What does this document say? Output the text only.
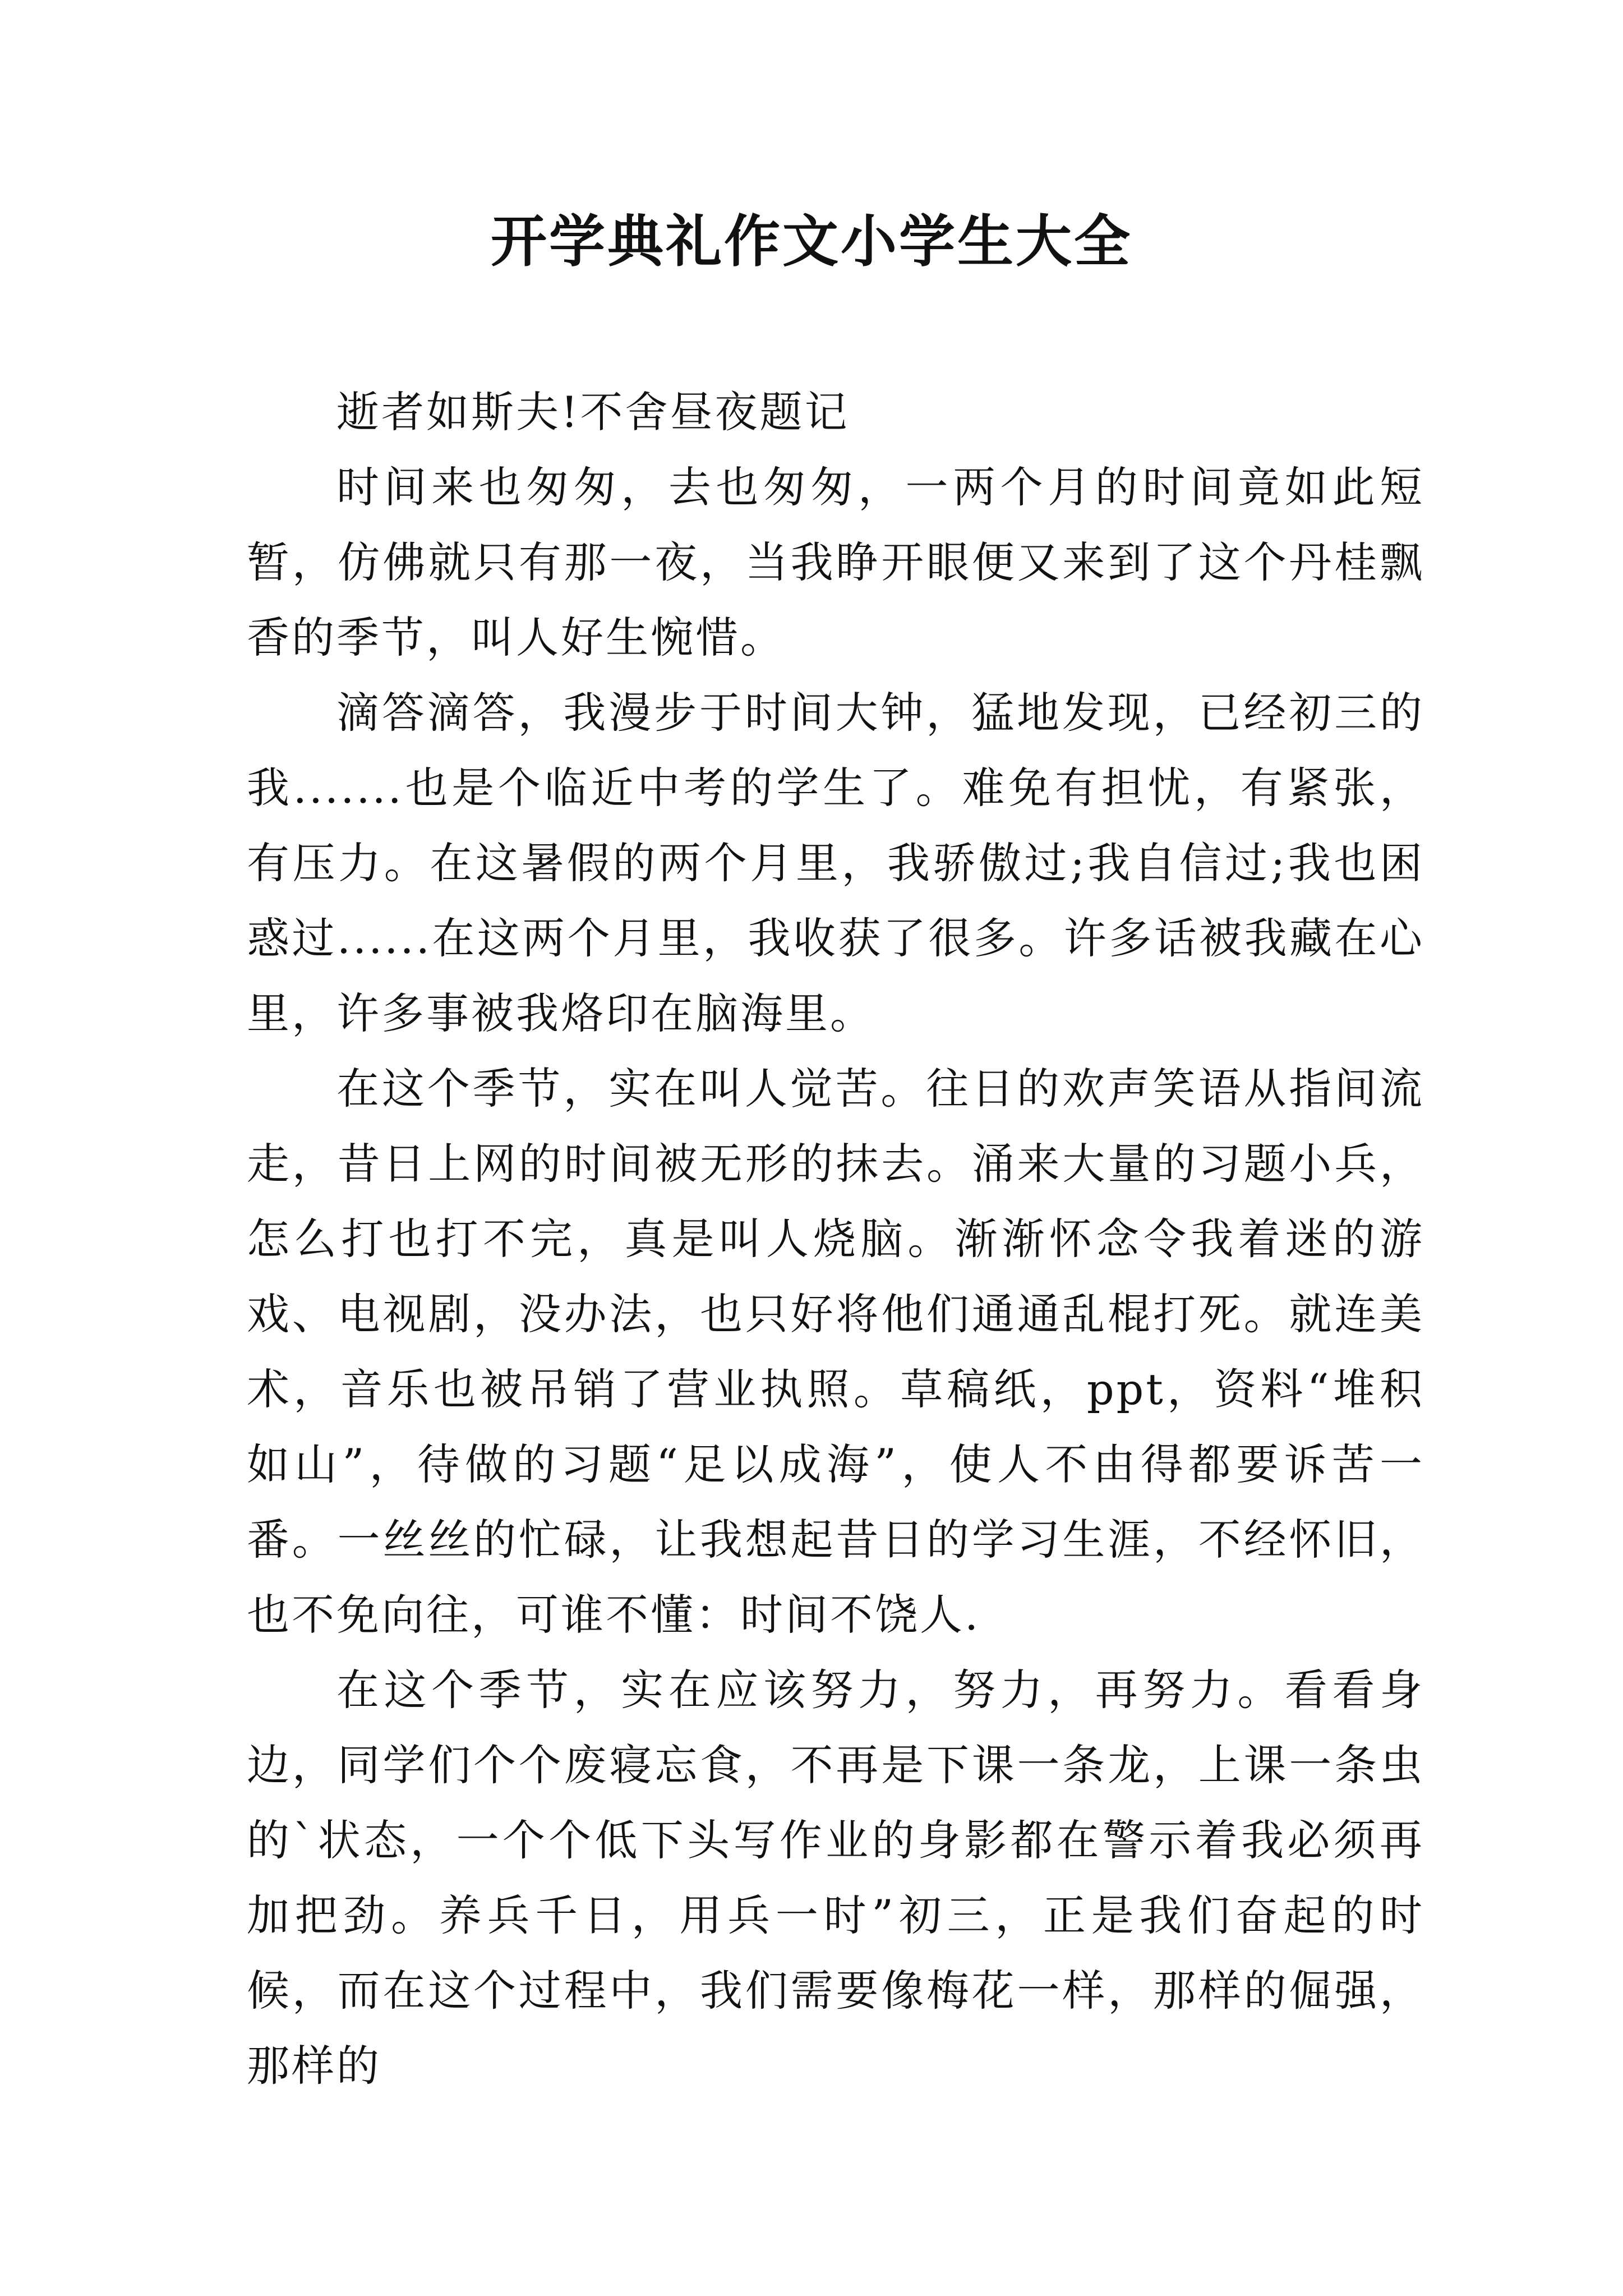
开学典礼作文小学生大全

逝者如斯夫!不舍昼夜题记

时间来也匆匆，去也匆匆，一两个月的时间竟如此短暂，仿佛就只有那一夜，当我睁开眼便又来到了这个丹桂飘香的季节，叫人好生惋惜。

滴答滴答，我漫步于时间大钟，猛地发现，已经初三的我.......也是个临近中考的学生了。难免有担忧，有紧张，有压力。在这暑假的两个月里，我骄傲过;我自信过;我也困惑过......在这两个月里，我收获了很多。许多话被我藏在心里，许多事被我烙印在脑海里。

在这个季节，实在叫人觉苦。往日的欢声笑语从指间流走，昔日上网的时间被无形的抹去。涌来大量的习题小兵，怎么打也打不完，真是叫人烧脑。渐渐怀念令我着迷的游戏、电视剧，没办法，也只好将他们通通乱棍打死。就连美术，音乐也被吊销了营业执照。草稿纸，ppt，资料“堆积如山”，待做的习题“足以成海”，使人不由得都要诉苦一番。一丝丝的忙碌，让我想起昔日的学习生涯，不经怀旧，也不免向往，可谁不懂：时间不饶人.

在这个季节，实在应该努力，努力，再努力。看看身边，同学们个个废寝忘食，不再是下课一条龙，上课一条虫的`状态，一个个低下头写作业的身影都在警示着我必须再加把劲。养兵千日，用兵一时”初三，正是我们奋起的时候，而在这个过程中，我们需要像梅花一样，那样的倔强，那样的
